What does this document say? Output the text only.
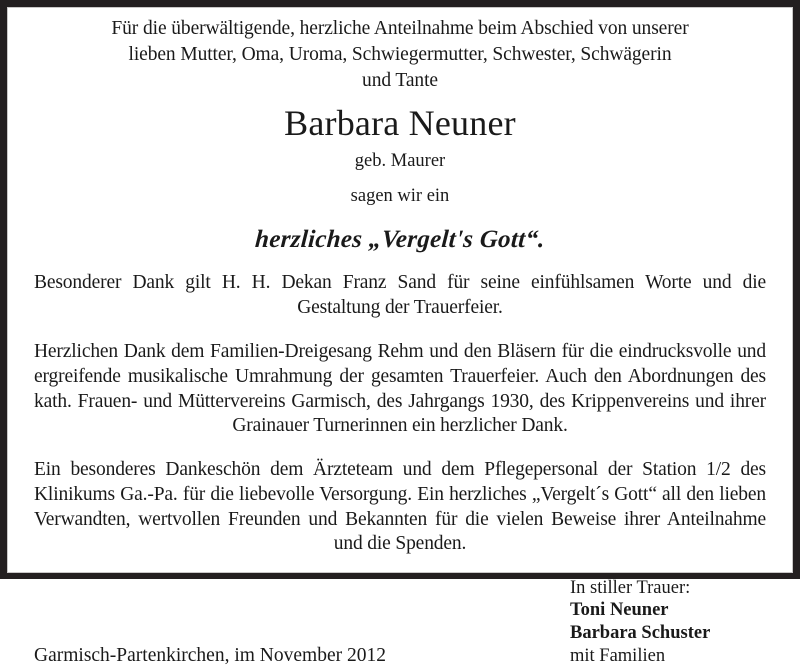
Für die überwältigende, herzliche Anteilnahme beim Abschied von unserer
lieben Mutter, Oma, Uroma, Schwiegermutter, Schwester, Schwägerin
und Tante
Barbara Neuner
geb. Maurer
sagen wir ein
herzliches „Vergelt's Gott“.

Besonderer Dank gilt H. H. Dekan Franz Sand für seine einfühlsamen Worte und die Gestaltung der Trauerfeier.

Herzlichen Dank dem Familien-Dreigesang Rehm und den Bläsern für die eindrucksvolle und ergreifende musikalische Umrahmung der gesamten Trauerfeier. Auch den Abordnungen des kath. Frauen- und Müttervereins Garmisch, des Jahrgangs 1930, des Krippenvereins und ihrer Grainauer Turnerinnen ein herzlicher Dank.

Ein besonderes Dankeschön dem Ärzteteam und dem Pflegepersonal der Station 1/2 des Klinikums Ga.-Pa. für die liebevolle Versorgung. Ein herzliches „Vergelt´s Gott“ all den lieben Verwandten, wertvollen Freunden und Bekannten für die vielen Beweise ihrer Anteilnahme und die Spenden.

Garmisch-Partenkirchen, im November 2012
In stiller Trauer:
Toni Neuner
Barbara Schuster
mit Familien
